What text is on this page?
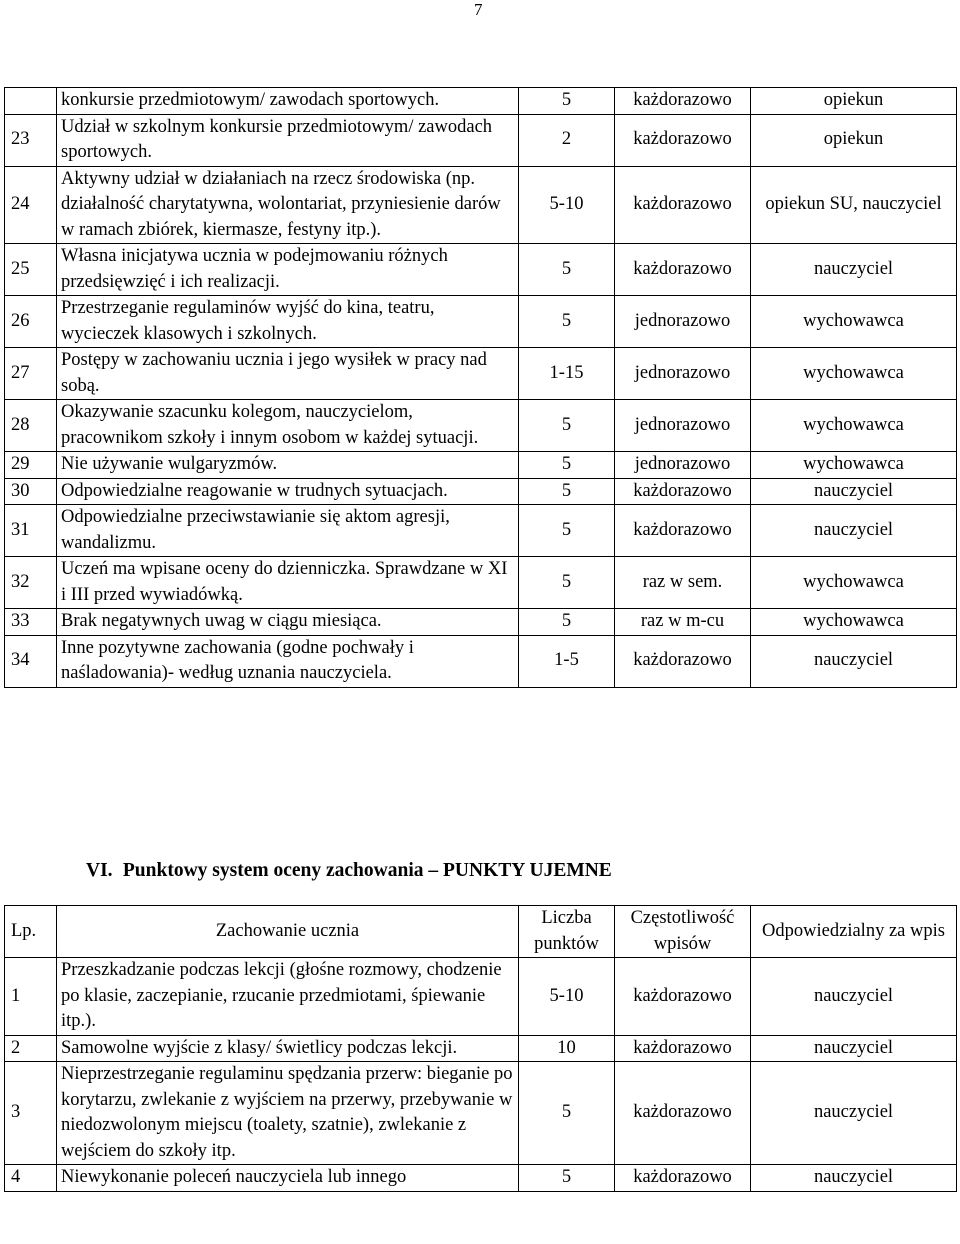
7
	konkursie przedmiotowym/ zawodach sportowych.	5	każdorazowo	opiekun
23	Udział w szkolnym konkursie przedmiotowym/ zawodach sportowych.	2	każdorazowo	opiekun
24	Aktywny udział w działaniach na rzecz środowiska (np. działalność charytatywna, wolontariat, przyniesienie darów w ramach zbiórek, kiermasze, festyny itp.).	5-10	każdorazowo	opiekun SU, nauczyciel
25	Własna inicjatywa ucznia w podejmowaniu różnych przedsięwzięć i ich realizacji.	5	każdorazowo	nauczyciel
26	Przestrzeganie regulaminów wyjść do kina, teatru, wycieczek klasowych i szkolnych.	5	jednorazowo	wychowawca
27	Postępy w zachowaniu ucznia i jego wysiłek w pracy nad sobą.	1-15	jednorazowo	wychowawca
28	Okazywanie szacunku kolegom, nauczycielom, pracownikom szkoły i innym osobom w każdej sytuacji.	5	jednorazowo	wychowawca
29	Nie używanie wulgaryzmów.	5	jednorazowo	wychowawca
30	Odpowiedzialne reagowanie w trudnych sytuacjach.	5	każdorazowo	nauczyciel
31	Odpowiedzialne przeciwstawianie się aktom agresji, wandalizmu.	5	każdorazowo	nauczyciel
32	Uczeń ma wpisane oceny do dzienniczka. Sprawdzane w XI i III przed wywiadówką.	5	raz w sem.	wychowawca
33	Brak negatywnych uwag w ciągu miesiąca.	5	raz w m-cu	wychowawca
34	Inne pozytywne zachowania (godne pochwały i naśladowania)- według uznania nauczyciela.	1-5	każdorazowo	nauczyciel
VI. Punktowy system oceny zachowania – PUNKTY UJEMNE
Lp.	Zachowanie ucznia	Liczba punktów	Częstotliwość wpisów	Odpowiedzialny za wpis
1	Przeszkadzanie podczas lekcji (głośne rozmowy, chodzenie po klasie, zaczepianie, rzucanie przedmiotami, śpiewanie itp.).	5-10	każdorazowo	nauczyciel
2	Samowolne wyjście z klasy/ świetlicy podczas lekcji.	10	każdorazowo	nauczyciel
3	Nieprzestrzeganie regulaminu spędzania przerw: bieganie po korytarzu, zwlekanie z wyjściem na przerwy, przebywanie w niedozwolonym miejscu (toalety, szatnie), zwlekanie z wejściem do szkoły itp.	5	każdorazowo	nauczyciel
4	Niewykonanie poleceń nauczyciela lub innego	5	każdorazowo	nauczyciel
